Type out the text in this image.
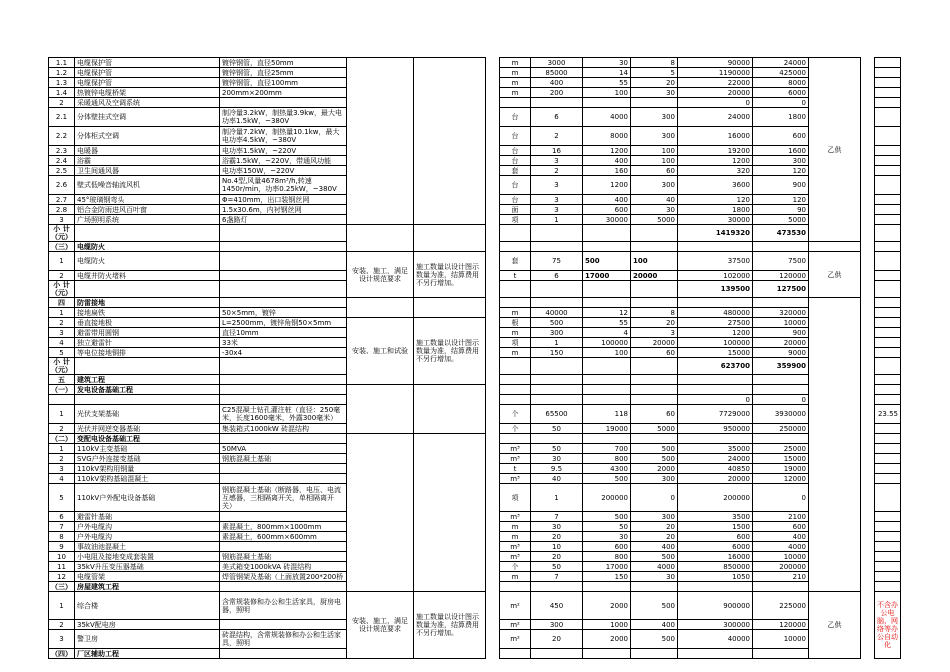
1.1	电缆保护管	镀锌钢管，直径50mm				m	3000	30	8	90000	24000	乙供		
1.2	电缆保护管	镀锌钢管，直径25mm				m	85000	14	5	1190000	425000			
1.3	电缆保护管	镀锌钢管，直径100mm				m	400	55	20	22000	8000			
1.4	热镀锌电缆桥架	200mm×200mm				m	200	100	30	20000	6000			
2	采暖通风及空调系统									0	0			
2.1	分体壁挂式空调	制冷量3.2kW，制热量3.9kw，最大电功率1.5kW，~380V				台	6	4000	300	24000	1800			
2.2	分体柜式空调	制冷量7.2kW，制热量10.1kw，最大电功率4.5kW，~380V				台	2	8000	300	16000	600			
2.3	电暖器	电功率1.5kW，~220V				台	16	1200	100	19200	1600			
2.4	浴霸	浴霸1.5kW，~220V，带通风功能				台	3	400	100	1200	300			
2.5	卫生间通风器	电功率150W，~220V				套	2	160	60	320	120			
2.6	壁式低噪音轴流风机	No.4型,风量4678m³/h,转速1450r/min，功率0.25kW，~380V				台	3	1200	300	3600	900			
2.7	45°玻璃钢弯头	Φ=410mm，出口装钢丝网				台	3	400	40	120	120			
2.8	铝合金防雨进风百叶窗	1.5x30.6m，内衬钢丝网				面	3	600	30	1800	90			
3	广场照明系统	6盏路灯				项	1	30000	5000	30000	5000			
小 计（元）										1419320	473530			
（三）	电缆防火													
1	电缆防火		安装、施工，满足设计规范要求	施工数量以设计图示数量为准，结算费用不另行增加。		套	75	500	100	37500	7500	乙供		
2	电缆井防火堵料					t	6	17000	20000	102000	120000			
小 计（元）										139500	127500			
四	防雷接地													
1	接地扁铁	50×5mm，镀锌				m	40000	12	8	480000	320000			
2	垂直接地极	L=2500mm，镀锌角钢50×5mm	安装、施工和试验	施工数量以设计图示数量为准，结算费用不另行增加。		根	500	55	20	27500	10000			
3	避雷带用圆钢	直径10mm				m	300	4	3	1200	900			
4	独立避雷针	33米				项	1	100000	20000	100000	20000			
5	等电位接地铜排	-30x4				m	150	100	60	15000	9000			
小 计（元）										623700	359900			
五	建筑工程													
（一）	发电设备基础工程													
										0	0			
1	光伏支架基础	C25混凝土钻孔灌注桩（直径：250毫米，长度1600毫米，外露300毫米）				个	65500	118	60	7729000	3930000			23.55
2	光伏并网逆变器基础	集装箱式1000kW 砖混结构				个	50	19000	5000	950000	250000			
（二）	变配电设备基础工程													
1	110kV主变基础	50MVA				m³	50	700	500	35000	25000			
2	SVG户外连接变基础	钢筋混凝土基础				m³	30	800	500	24000	15000			
3	110kV架构用钢量					t	9.5	4300	2000	40850	19000			
4	110kV架构基础混凝土					m³	40	500	300	20000	12000			
5	110kV户外配电设备基础	钢筋混凝土基础（断路器，电压、电流互感器，三相隔离开关，单相隔离开关）				项	1	200000	0	200000	0			
6	避雷针基础					m³	7	500	300	3500	2100			
7	户外电缆沟	素混凝土，800mm×1000mm				m	30	50	20	1500	600			
8	户外电缆沟	素混凝土，600mm×600mm				m	20	30	20	600	400			
9	事故油池混凝土					m³	10	600	400	6000	4000			
10	小电阻及接地变成套装置	钢筋混凝土基础				m³	20	800	500	16000	10000			
11	35kV升压变压器基础	美式箱变1000kVA 砖混结构				个	50	17000	4000	850000	200000			
12	电缆管架	焊管钢架及基础（上面放置200*200桥				m	7	150	30	1050	210			
（三）	房屋建筑工程													
1	综合楼	含常规装修和办公和生活家具，厨房电器，照明	安装、施工，满足设计规范要求	施工数量以设计图示数量为准，结算费用不另行增加。		m²	450	2000	500	900000	225000	乙供		不含办公电脑、网络等办公自动化
2	35kV配电房					m²	300	1000	400	300000	120000			
3	警卫房	砖混结构，含常规装修和办公和生活家具，照明				m²	20	2000	500	40000	10000			
（四）	厂区辅助工程													
